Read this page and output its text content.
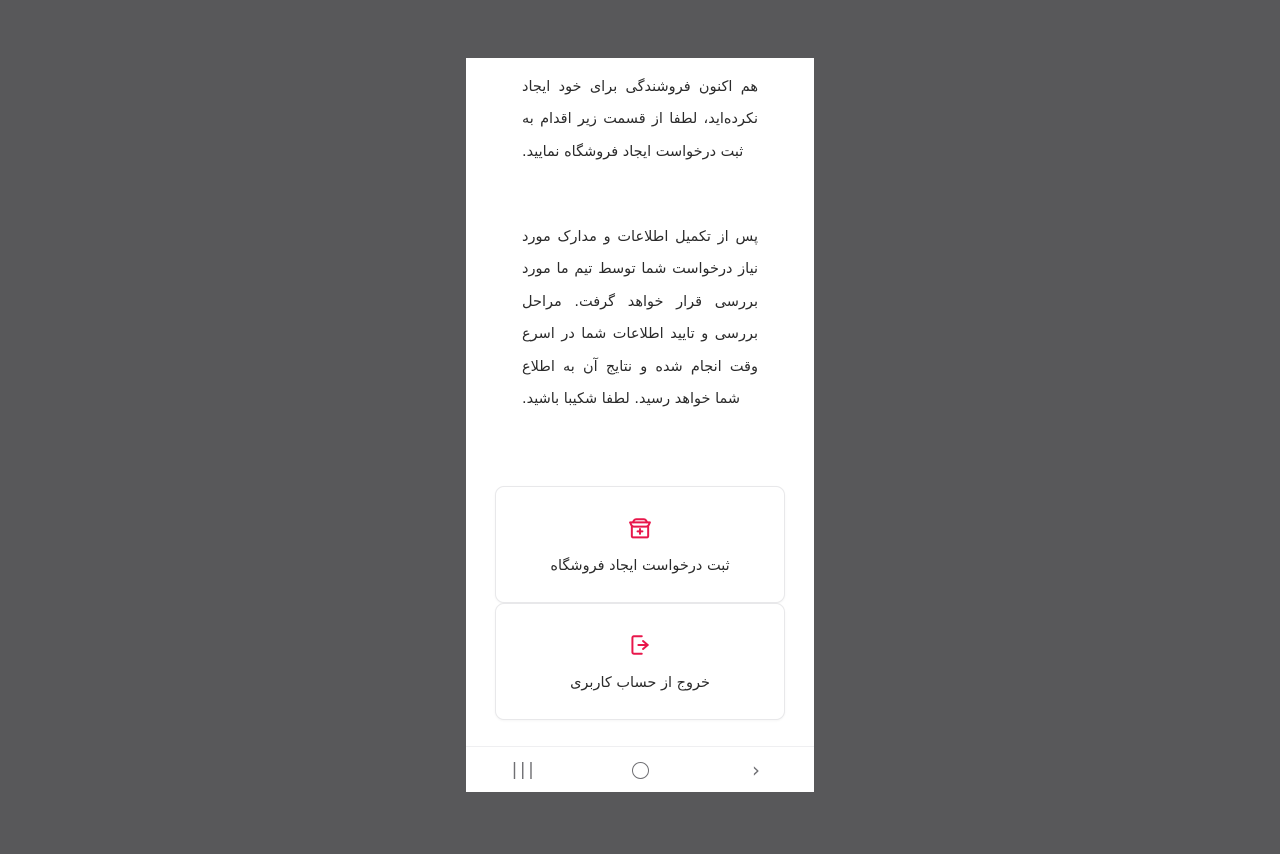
هم اکنون فروشندگی برای خود ایجاد نکرده‌اید، لطفا از قسمت زیر اقدام به ثبت درخواست ایجاد فروشگاه نمایید.

پس از تکمیل اطلاعات و مدارک مورد نیاز درخواست شما توسط تیم ما مورد بررسی قرار خواهد گرفت. مراحل بررسی و تایید اطلاعات شما در اسرع وقت انجام شده و نتایج آن به اطلاع شما خواهد رسید. لطفا شکیبا باشید.

ثبت درخواست ایجاد فروشگاه
خروج از حساب کاربری
|||	›
